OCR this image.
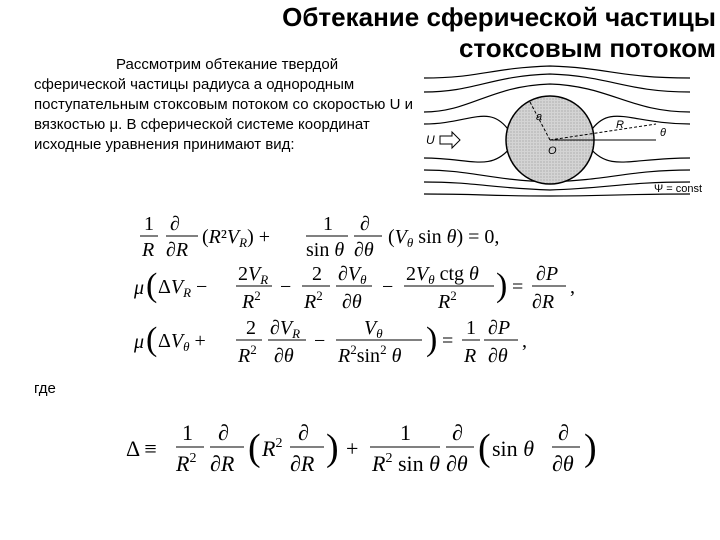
Обтекание сферической частицы
стоксовым потоком

Рассмотрим обтекание твердой сферической частицы радиуса a однородным поступательным стоксовым потоком со скоростью U и вязкостью μ. В сферической системе координат исходные уравнения принимают вид:	U
a
R
O
θ
Ψ = const
1
R
∂
∂R
$(R^2V_R)$ +
1
sin θ
∂
∂θ
($V_\theta$ sin θ) = 0,
μ ( $\Delta V_R$ −
$2V_R$
$R^2$ −
2
$R^2$
$\partial V_\theta$
∂θ
−
$2V_\theta$ ctg θ
$R^2$ ) =
∂P
∂R
,
μ ( $\Delta V_\theta$ +
2
$R^2$
$\partial V_R$
∂θ
−
$V_\theta$
$R^2\sin^2$ θ ) =
1
R
∂P
∂θ
,
где
Δ ≡
1
$R^2$
∂
∂R ( $R^2$ ∂
∂R ) +
1
$R^2$ sin θ
∂
∂θ ( sin θ
∂
∂θ )
